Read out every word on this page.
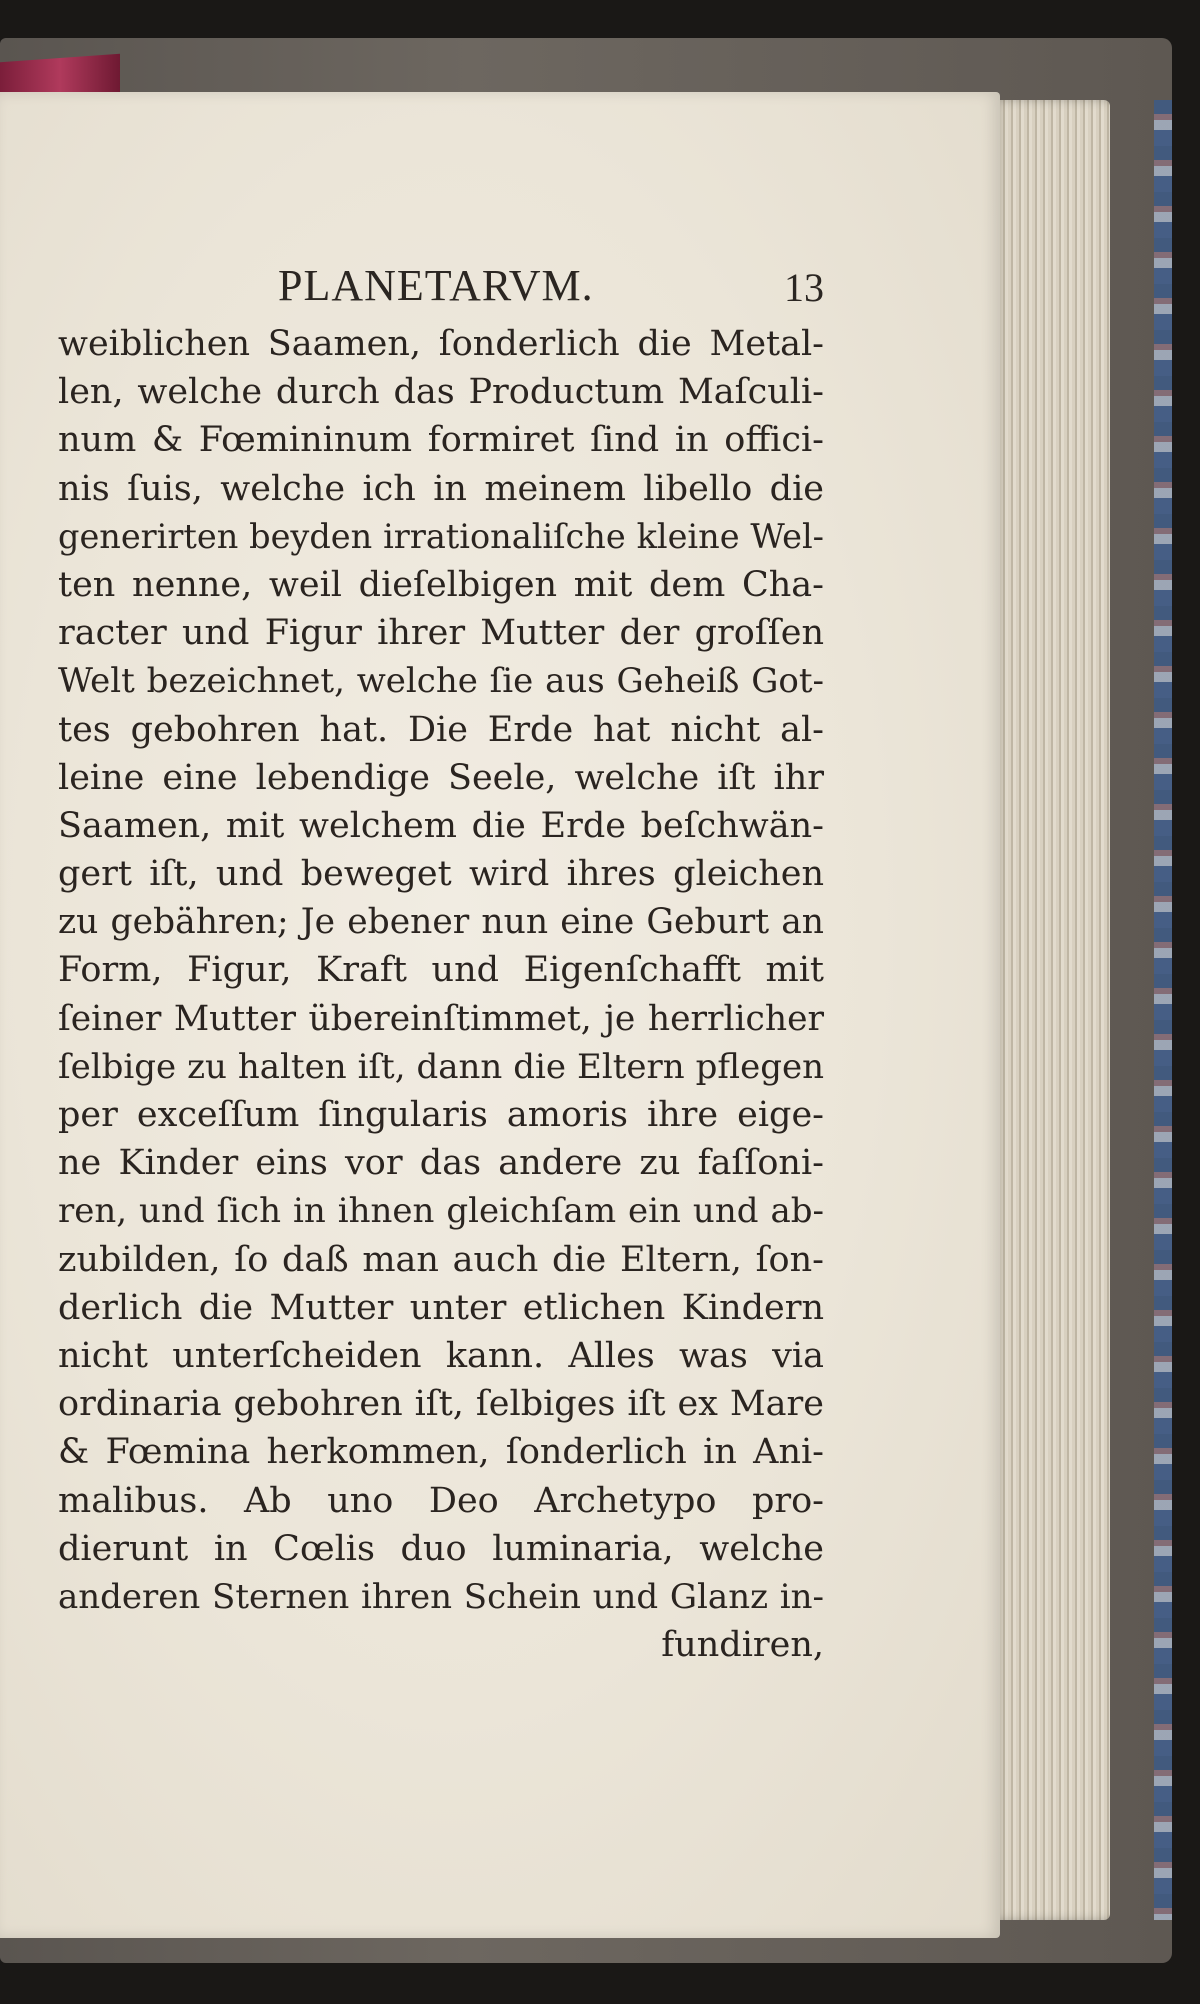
PLANETARVM.	13
weiblichen Saamen, ſonderlich die Metal-
len, welche durch das Productum Maſculi-
num & Fœmininum formiret ſind in offici-
nis ſuis, welche ich in meinem libello die
generirten beyden irrationaliſche kleine Wel-
ten nenne, weil dieſelbigen mit dem Cha-
racter und Figur ihrer Mutter der groſſen
Welt bezeichnet, welche ſie aus Geheiß Got-
tes gebohren hat. Die Erde hat nicht al-
leine eine lebendige Seele, welche iſt ihr
Saamen, mit welchem die Erde beſchwän-
gert iſt, und beweget wird ihres gleichen
zu gebähren; Je ebener nun eine Geburt an
Form, Figur, Kraft und Eigenſchafft mit
ſeiner Mutter übereinſtimmet, je herrlicher
ſelbige zu halten iſt, dann die Eltern pflegen
per exceſſum ſingularis amoris ihre eige-
ne Kinder eins vor das andere zu faſſoni-
ren, und ſich in ihnen gleichſam ein und ab-
zubilden, ſo daß man auch die Eltern, ſon-
derlich die Mutter unter etlichen Kindern
nicht unterſcheiden kann. Alles was via
ordinaria gebohren iſt, ſelbiges iſt ex Mare
& Fœmina herkommen, ſonderlich in Ani-
malibus. Ab uno Deo Archetypo pro-
dierunt in Cœlis duo luminaria, welche
anderen Sternen ihren Schein und Glanz in-
fundiren,
